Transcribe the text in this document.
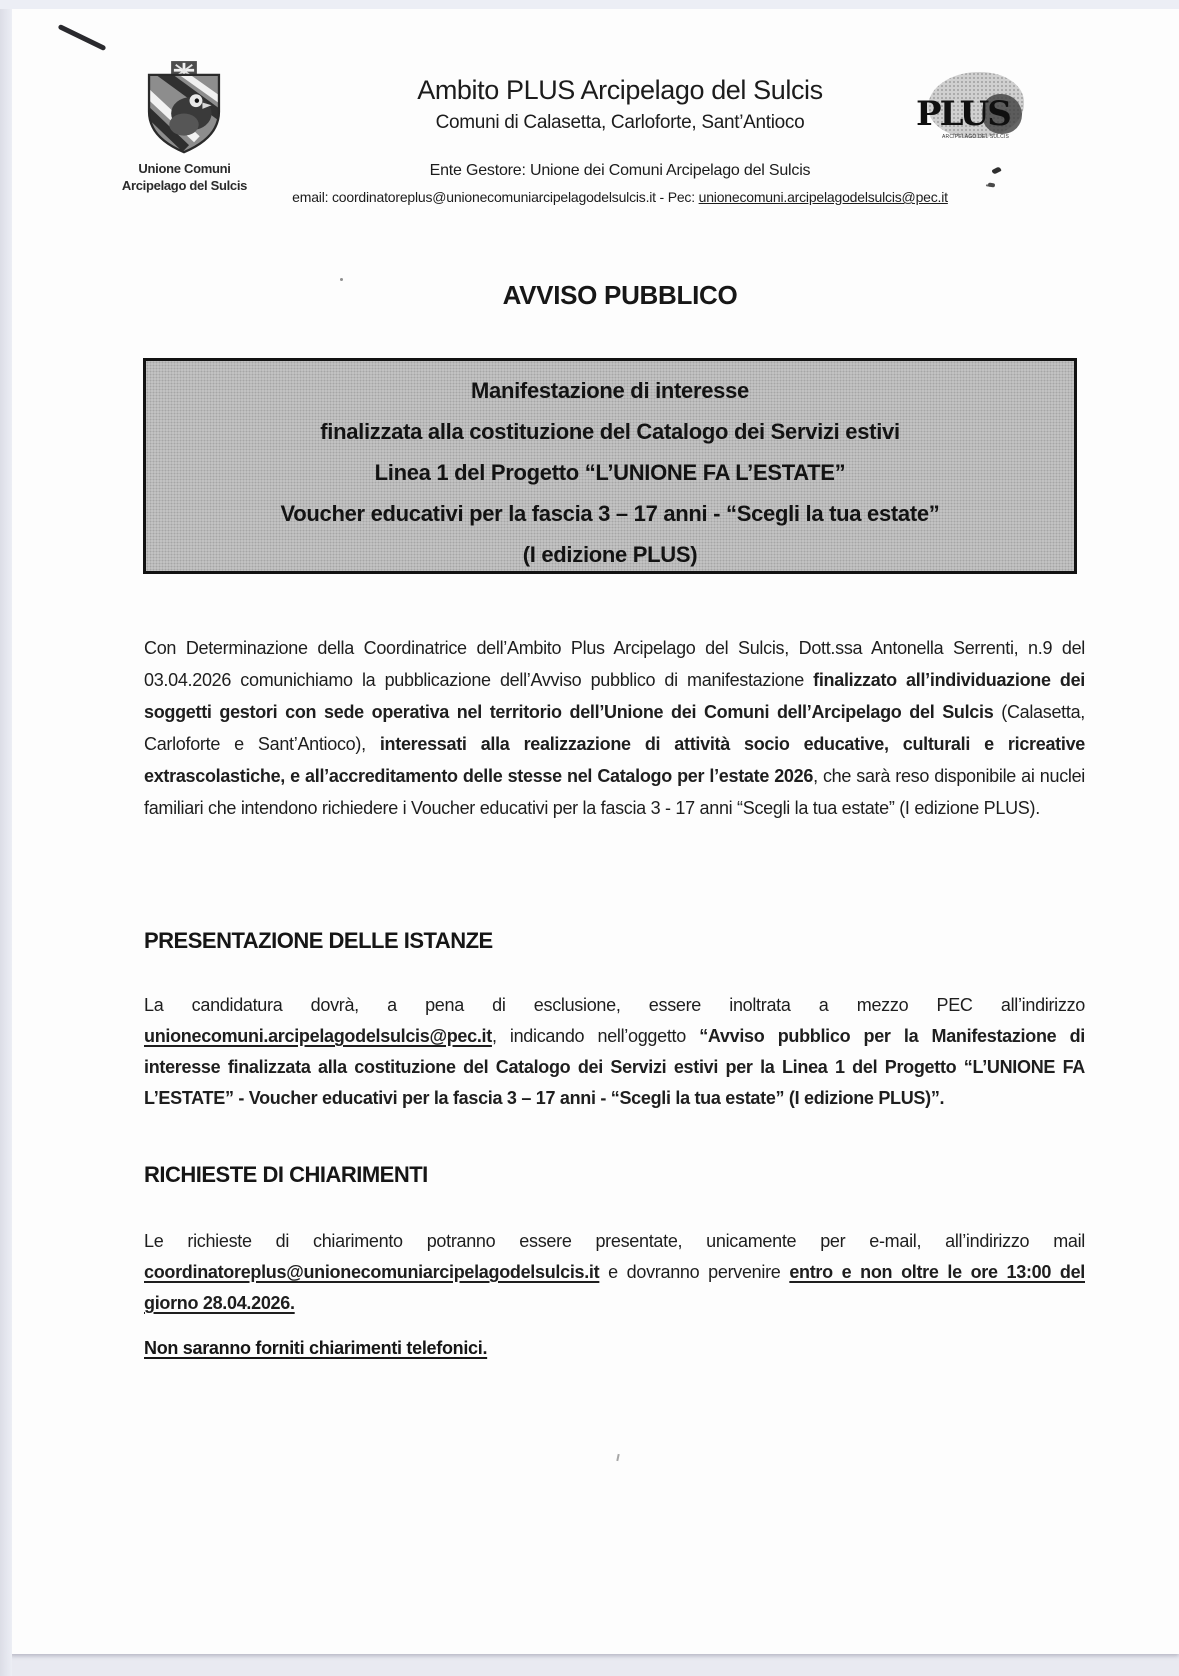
Unione Comuni
Arcipelago del Sulcis
Ambito PLUS Arcipelago del Sulcis
Comuni di Calasetta, Carloforte, Sant’Antioco
Ente Gestore: Unione dei Comuni Arcipelago del Sulcis
email: coordinatoreplus@unionecomuniarcipelagodelsulcis.it - Pec: unionecomuni.arcipelagodelsulcis@pec.it
PLUS
ARCIPELAGO DEL SULCIS
AVVISO PUBBLICO
Manifestazione di interesse
finalizzata alla costituzione del Catalogo dei Servizi estivi
Linea 1 del Progetto “L’UNIONE FA L’ESTATE”
Voucher educativi per la fascia 3 – 17 anni - “Scegli la tua estate”
(I edizione PLUS)

Con Determinazione della Coordinatrice dell’Ambito Plus Arcipelago del Sulcis, Dott.ssa Antonella Serrenti, n.9 del 03.04.2026 comunichiamo la pubblicazione dell’Avviso pubblico di manifestazione finalizzato all’individuazione dei soggetti gestori con sede operativa nel territorio dell’Unione dei Comuni dell’Arcipelago del Sulcis (Calasetta, Carloforte e Sant’Antioco), interessati alla realizzazione di attività socio educative, culturali e ricreative extrascolastiche, e all’accreditamento delle stesse nel Catalogo per l’estate 2026, che sarà reso disponibile ai nuclei familiari che intendono richiedere i Voucher educativi per la fascia 3 - 17 anni “Scegli la tua estate” (I edizione PLUS).

PRESENTAZIONE DELLE ISTANZE

La candidatura dovrà, a pena di esclusione, essere inoltrata a mezzo PEC all’indirizzo unionecomuni.arcipelagodelsulcis@pec.it, indicando nell’oggetto “Avviso pubblico per la Manifestazione di interesse finalizzata alla costituzione del Catalogo dei Servizi estivi per la Linea 1 del Progetto “L’UNIONE FA L’ESTATE” - Voucher educativi per la fascia 3 – 17 anni - “Scegli la tua estate” (I edizione PLUS)”.

RICHIESTE DI CHIARIMENTI

Le richieste di chiarimento potranno essere presentate, unicamente per e-mail, all’indirizzo mail coordinatoreplus@unionecomuniarcipelagodelsulcis.it e dovranno pervenire entro e non oltre le ore 13:00 del giorno 28.04.2026.

Non saranno forniti chiarimenti telefonici.
